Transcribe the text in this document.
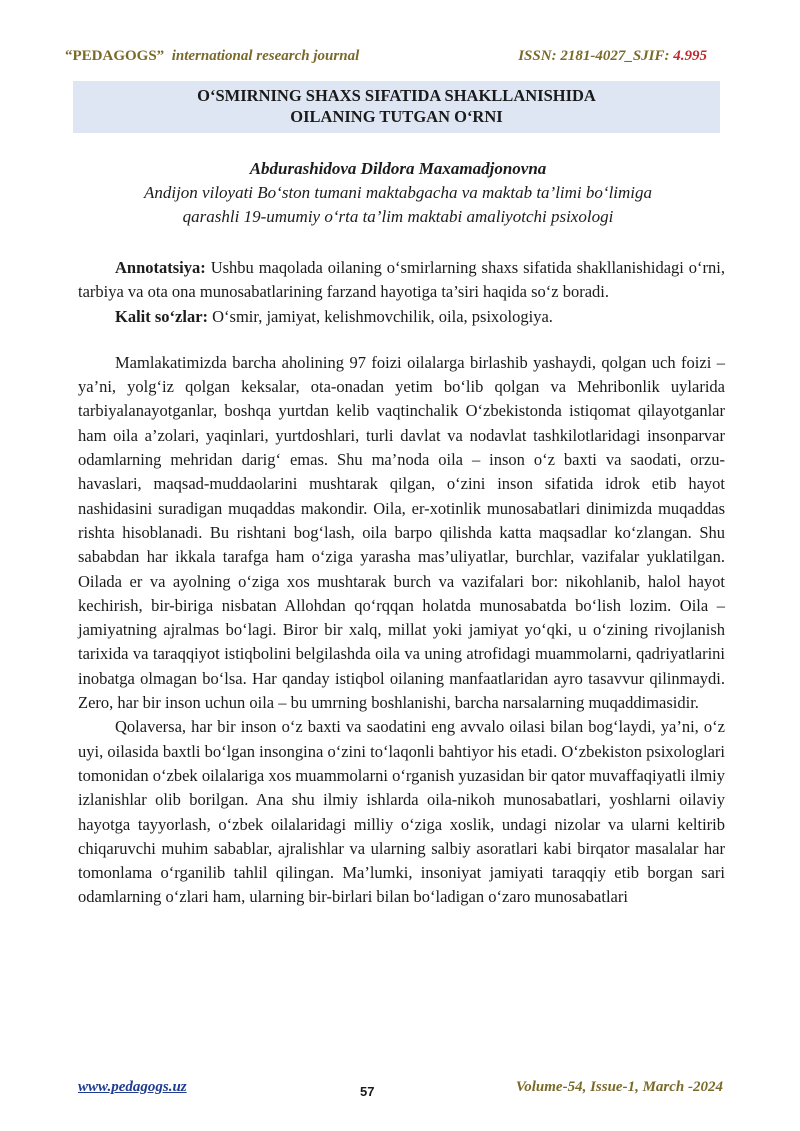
“PEDAGOGS” international research journal	ISSN: 2181-4027_SJIF: 4.995
O‘SMIRNING SHAXS SIFATIDA SHAKLLANISHIDA
OILANING TUTGAN O‘RNI
Abdurashidova Dildora Maxamadjonovna
Andijon viloyati Bo‘ston tumani maktabgacha va maktab ta’limi bo‘limiga
qarashli 19-umumiy o‘rta ta’lim maktabi amaliyotchi psixologi

Annotatsiya: Ushbu maqolada oilaning o‘smirlarning shaxs sifatida shakllanishidagi o‘rni, tarbiya va ota ona munosabatlarining farzand hayotiga ta’siri haqida so‘z boradi.

Kalit so‘zlar: O‘smir, jamiyat, kelishmovchilik, oila, psixologiya.

Mamlakatimizda barcha aholining 97 foizi oilalarga birlashib yashaydi, qolgan uch foizi – ya’ni, yolg‘iz qolgan keksalar, ota-onadan yetim bo‘lib qolgan va Mehribonlik uylarida tarbiyalanayotganlar, boshqa yurtdan kelib vaqtinchalik O‘zbekistonda istiqomat qilayotganlar ham oila a’zolari, yaqinlari, yurtdoshlari, turli davlat va nodavlat tashkilotlaridagi insonparvar odamlarning mehridan darig‘ emas. Shu ma’noda oila – inson o‘z baxti va saodati, orzu-havaslari, maqsad-muddaolarini mushtarak qilgan, o‘zini inson sifatida idrok etib hayot nashidasini suradigan muqaddas makondir. Oila, er-xotinlik munosabatlari dinimizda muqaddas rishta hisoblanadi. Bu rishtani bog‘lash, oila barpo qilishda katta maqsadlar ko‘zlangan. Shu sababdan har ikkala tarafga ham o‘ziga yarasha mas’uliyatlar, burchlar, vazifalar yuklatilgan. Oilada er va ayolning o‘ziga xos mushtarak burch va vazifalari bor: nikohlanib, halol hayot kechirish, bir-biriga nisbatan Allohdan qo‘rqqan holatda munosabatda bo‘lish lozim. Oila – jamiyatning ajralmas bo‘lagi. Biror bir xalq, millat yoki jamiyat yo‘qki, u o‘zining rivojlanish tarixida va taraqqiyot istiqbolini belgilashda oila va uning atrofidagi muammolarni, qadriyatlarini inobatga olmagan bo‘lsa. Har qanday istiqbol oilaning manfaatlaridan ayro tasavvur qilinmaydi. Zero, har bir inson uchun oila – bu umrning boshlanishi, barcha narsalarning muqaddimasidir.

Qolaversa, har bir inson o‘z baxti va saodatini eng avvalo oilasi bilan bog‘laydi, ya’ni, o‘z uyi, oilasida baxtli bo‘lgan insongina o‘zini to‘laqonli bahtiyor his etadi. O‘zbekiston psixologlari tomonidan o‘zbek oilalariga xos muammolarni o‘rganish yuzasidan bir qator muvaffaqiyatli ilmiy izlanishlar olib borilgan. Ana shu ilmiy ishlarda oila-nikoh munosabatlari, yoshlarni oilaviy hayotga tayyorlash, o‘zbek oilalaridagi milliy o‘ziga xoslik, undagi nizolar va ularni keltirib chiqaruvchi muhim sabablar, ajralishlar va ularning salbiy asoratlari kabi birqator masalalar har tomonlama o‘rganilib tahlil qilingan. Ma’lumki, insoniyat jamiyati taraqqiy etib borgan sari odamlarning o‘zlari ham, ularning bir-birlari bilan bo‘ladigan o‘zaro munosabatlari

www.pedagogs.uz	57	Volume-54, Issue-1, March -2024
